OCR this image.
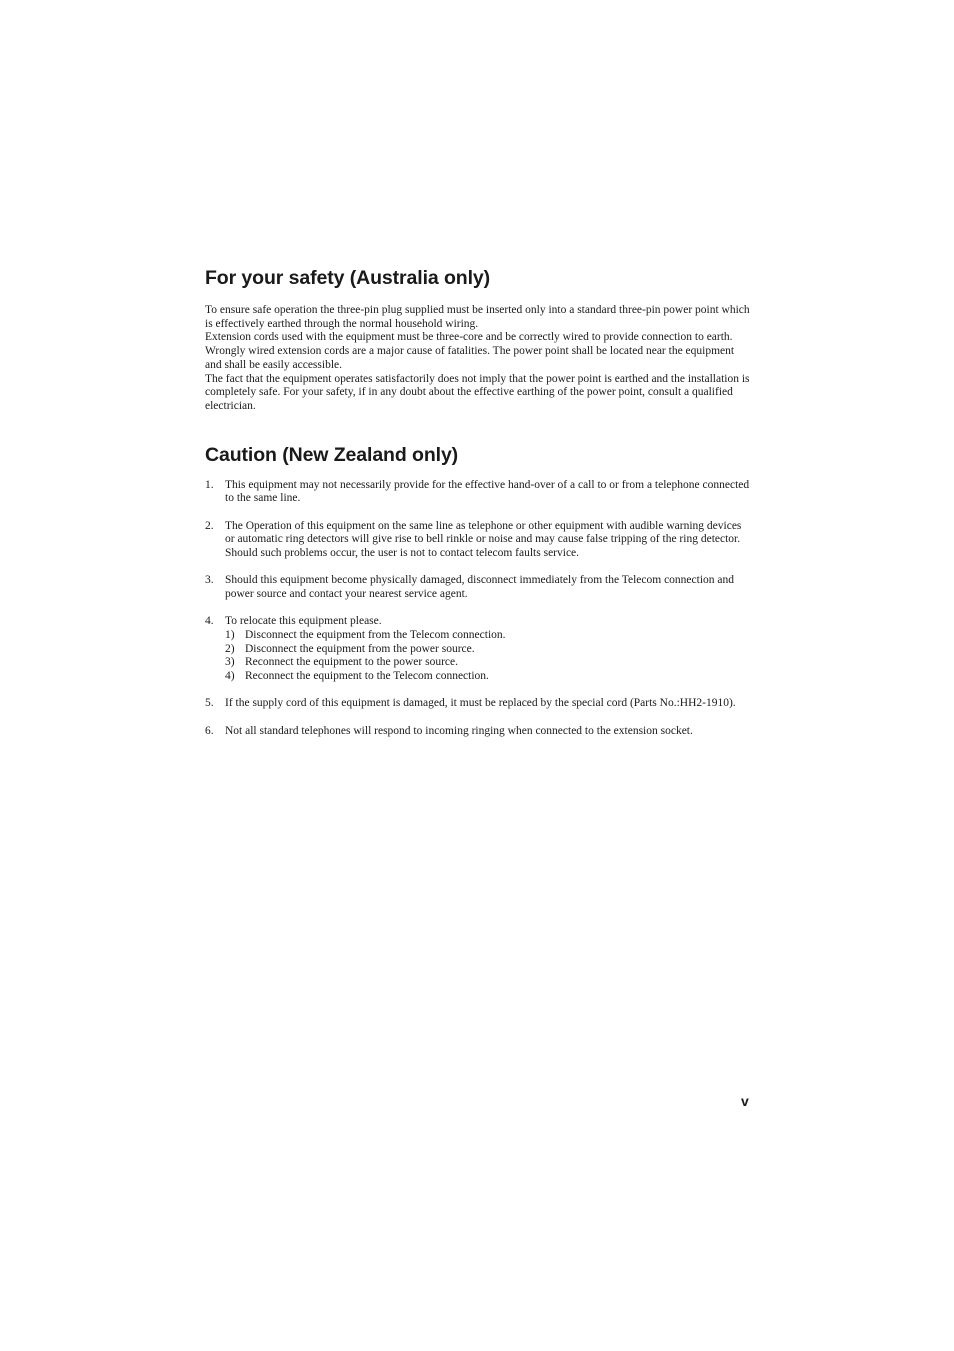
For your safety (Australia only)

To ensure safe operation the three-pin plug supplied must be inserted only into a standard three-pin power point which is effectively earthed through the normal household wiring.

Extension cords used with the equipment must be three-core and be correctly wired to provide connection to earth.

Wrongly wired extension cords are a major cause of fatalities. The power point shall be located near the equipment and shall be easily accessible.

The fact that the equipment operates satisfactorily does not imply that the power point is earthed and the installation is completely safe. For your safety, if in any doubt about the effective earthing of the power point, consult a qualified electrician.

Caution (New Zealand only)
1. This equipment may not necessarily provide for the effective hand-over of a call to or from a telephone connected to the same line.
2. The Operation of this equipment on the same line as telephone or other equipment with audible warning devices or automatic ring detectors will give rise to bell rinkle or noise and may cause false tripping of the ring detector. Should such problems occur, the user is not to contact telecom faults service.
3. Should this equipment become physically damaged, disconnect immediately from the Telecom connection and power source and contact your nearest service agent.
4. To relocate this equipment please.
1) Disconnect the equipment from the Telecom connection.
2) Disconnect the equipment from the power source.
3) Reconnect the equipment to the power source.
4) Reconnect the equipment to the Telecom connection.
5. If the supply cord of this equipment is damaged, it must be replaced by the special cord (Parts No.:HH2-1910).
6. Not all standard telephones will respond to incoming ringing when connected to the extension socket.
v
